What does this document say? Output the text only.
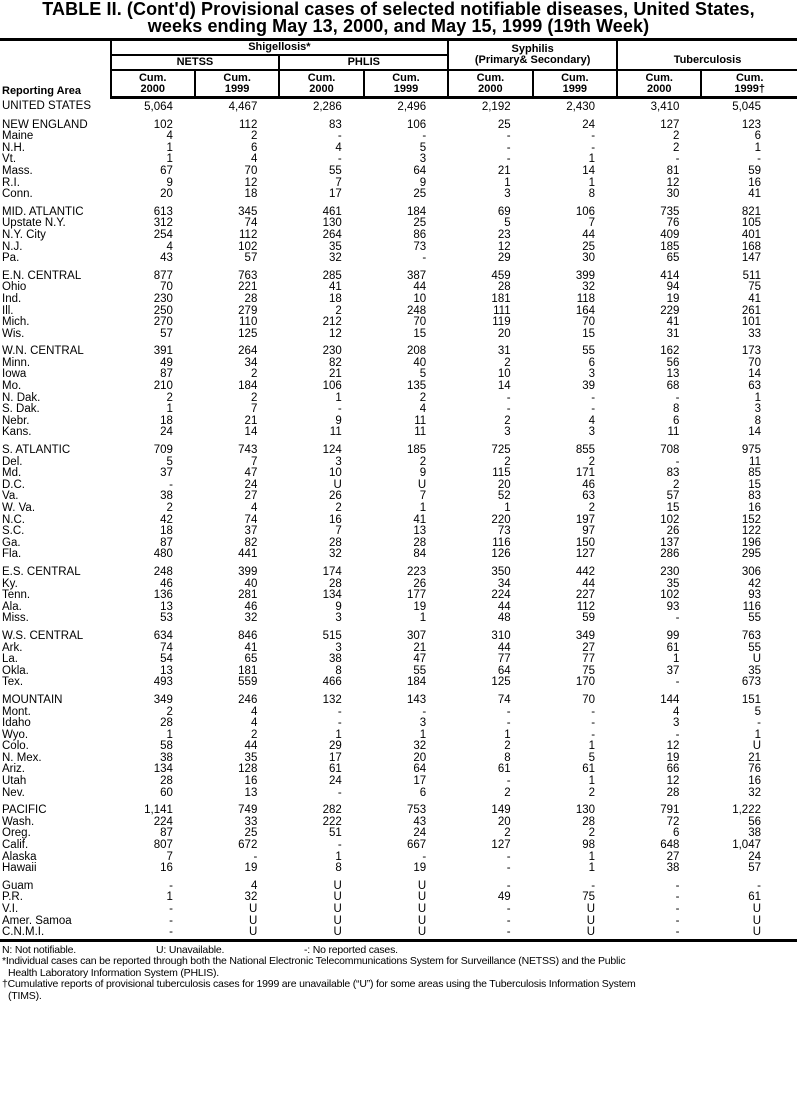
TABLE II. (Cont'd) Provisional cases of selected notifiable diseases, United States,
weeks ending May 13, 2000, and May 15, 1999 (19th Week)
Reporting Area	Shigellosis*				Syphilis
(Primary& Secondary)		Tuberculosis	
	NETSS		PHLIS					

Cum.
2000

Cum.
1999

Cum.
2000

Cum.
1999

Cum.
2000

Cum.
1999

Cum.
2000

Cum.
1999†

UNITED STATES	5,064	4,467	2,286	2,496	2,192	2,430	3,410	5,045
NEW ENGLAND	102	112	83	106	25	24	127	123
Maine	4	2	-	-	-	-	2	6
N.H.	1	6	4	5	-	-	2	1
Vt.	1	4	-	3	-	1	-	-
Mass.	67	70	55	64	21	14	81	59
R.I.	9	12	7	9	1	1	12	16
Conn.	20	18	17	25	3	8	30	41
MID. ATLANTIC	613	345	461	184	69	106	735	821
Upstate N.Y.	312	74	130	25	5	7	76	105
N.Y. City	254	112	264	86	23	44	409	401
N.J.	4	102	35	73	12	25	185	168
Pa.	43	57	32	-	29	30	65	147
E.N. CENTRAL	877	763	285	387	459	399	414	511
Ohio	70	221	41	44	28	32	94	75
Ind.	230	28	18	10	181	118	19	41
Ill.	250	279	2	248	111	164	229	261
Mich.	270	110	212	70	119	70	41	101
Wis.	57	125	12	15	20	15	31	33
W.N. CENTRAL	391	264	230	208	31	55	162	173
Minn.	49	34	82	40	2	6	56	70
Iowa	87	2	21	5	10	3	13	14
Mo.	210	184	106	135	14	39	68	63
N. Dak.	2	2	1	2	-	-	-	1
S. Dak.	1	7	-	4	-	-	8	3
Nebr.	18	21	9	11	2	4	6	8
Kans.	24	14	11	11	3	3	11	14
S. ATLANTIC	709	743	124	185	725	855	708	975
Del.	5	7	3	2	2	2	-	11
Md.	37	47	10	9	115	171	83	85
D.C.	-	24	U	U	20	46	2	15
Va.	38	27	26	7	52	63	57	83
W. Va.	2	4	2	1	1	2	15	16
N.C.	42	74	16	41	220	197	102	152
S.C.	18	37	7	13	73	97	26	122
Ga.	87	82	28	28	116	150	137	196
Fla.	480	441	32	84	126	127	286	295
E.S. CENTRAL	248	399	174	223	350	442	230	306
Ky.	46	40	28	26	34	44	35	42
Tenn.	136	281	134	177	224	227	102	93
Ala.	13	46	9	19	44	112	93	116
Miss.	53	32	3	1	48	59	-	55
W.S. CENTRAL	634	846	515	307	310	349	99	763
Ark.	74	41	3	21	44	27	61	55
La.	54	65	38	47	77	77	1	U
Okla.	13	181	8	55	64	75	37	35
Tex.	493	559	466	184	125	170	-	673
MOUNTAIN	349	246	132	143	74	70	144	151
Mont.	2	4	-	-	-	-	4	5
Idaho	28	4	-	3	-	-	3	-
Wyo.	1	2	1	1	1	-	-	1
Colo.	58	44	29	32	2	1	12	U
N. Mex.	38	35	17	20	8	5	19	21
Ariz.	134	128	61	64	61	61	66	76
Utah	28	16	24	17	-	1	12	16
Nev.	60	13	-	6	2	2	28	32
PACIFIC	1,141	749	282	753	149	130	791	1,222
Wash.	224	33	222	43	20	28	72	56
Oreg.	87	25	51	24	2	2	6	38
Calif.	807	672	-	667	127	98	648	1,047
Alaska	7	-	1	-	-	1	27	24
Hawaii	16	19	8	19	-	1	38	57
Guam	-	4	U	U	-	-	-	-
P.R.	1	32	U	U	49	75	-	61
V.I.	-	U	U	U	-	U	-	U
Amer. Samoa	-	U	U	U	-	U	-	U
C.N.M.I.	-	U	U	U	-	U	-	U
N: Not notifiable.	U: Unavailable.	-: No reported cases.
*Individual cases can be reported through both the National Electronic Telecommunications System for Surveillance (NETSS) and the Public
Health Laboratory Information System (PHLIS).
†Cumulative reports of provisional tuberculosis cases for 1999 are unavailable (“U”) for some areas using the Tuberculosis Information System
(TIMS).
